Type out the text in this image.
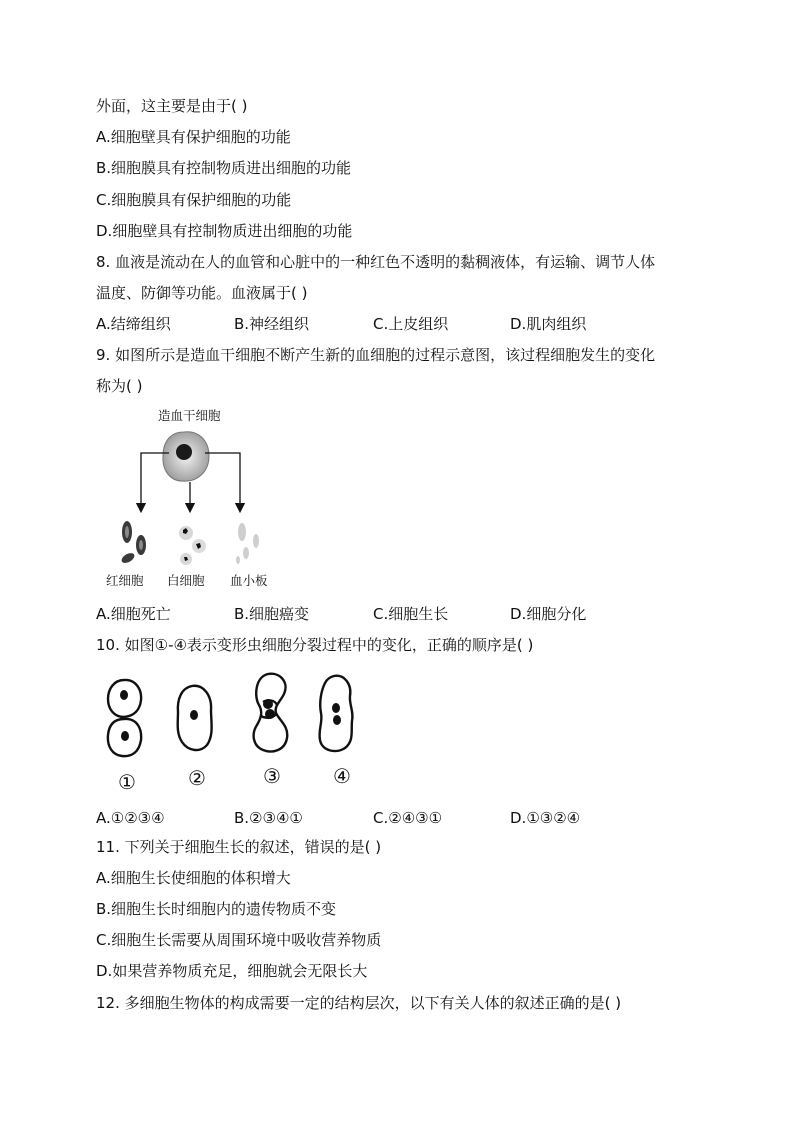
外面，这主要是由于( )
A.细胞壁具有保护细胞的功能
B.细胞膜具有控制物质进出细胞的功能
C.细胞膜具有保护细胞的功能
D.细胞壁具有控制物质进出细胞的功能
8. 血液是流动在人的血管和心脏中的一种红色不透明的黏稠液体，有运输、调节人体
温度、防御等功能。血液属于( )
A.结缔组织	B.神经组织	C.上皮组织	D.肌肉组织
9. 如图所示是造血干细胞不断产生新的血细胞的过程示意图，该过程细胞发生的变化
称为( )
造血干细胞
红细胞 白细胞 血小板
A.细胞死亡	B.细胞癌变	C.细胞生长	D.细胞分化
10. 如图①-④表示变形虫细胞分裂过程中的变化，正确的顺序是( )
①	②	③	④
A.①②③④	B.②③④①	C.②④③①	D.①③②④
11. 下列关于细胞生长的叙述，错误的是( )
A.细胞生长使细胞的体积增大
B.细胞生长时细胞内的遗传物质不变
C.细胞生长需要从周围环境中吸收营养物质
D.如果营养物质充足，细胞就会无限长大
12. 多细胞生物体的构成需要一定的结构层次，以下有关人体的叙述正确的是( )
